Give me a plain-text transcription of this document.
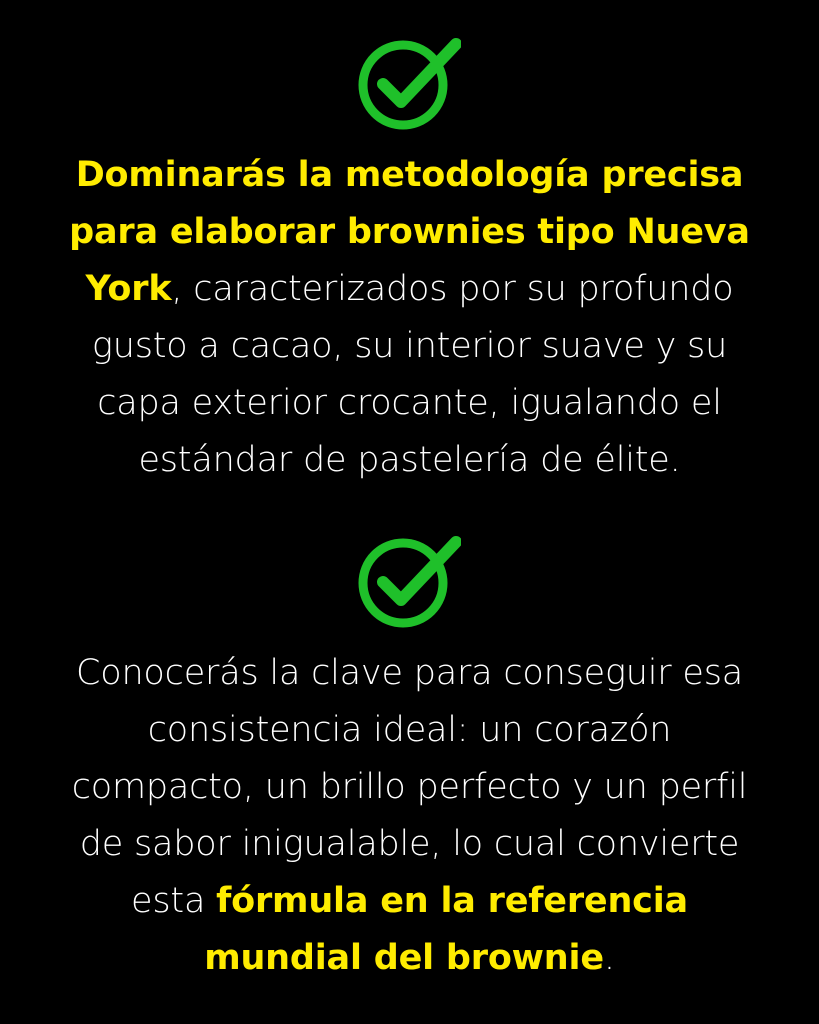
Dominarás la metodología precisa para elaborar brownies tipo Nueva York, caracterizados por su profundo gusto a cacao, su interior suave y su capa exterior crocante, igualando el estándar de pastelería de élite.
Conocerás la clave para conseguir esa consistencia ideal: un corazón compacto, un brillo perfecto y un perfil de sabor inigualable, lo cual convierte esta fórmula en la referencia mundial del brownie.
